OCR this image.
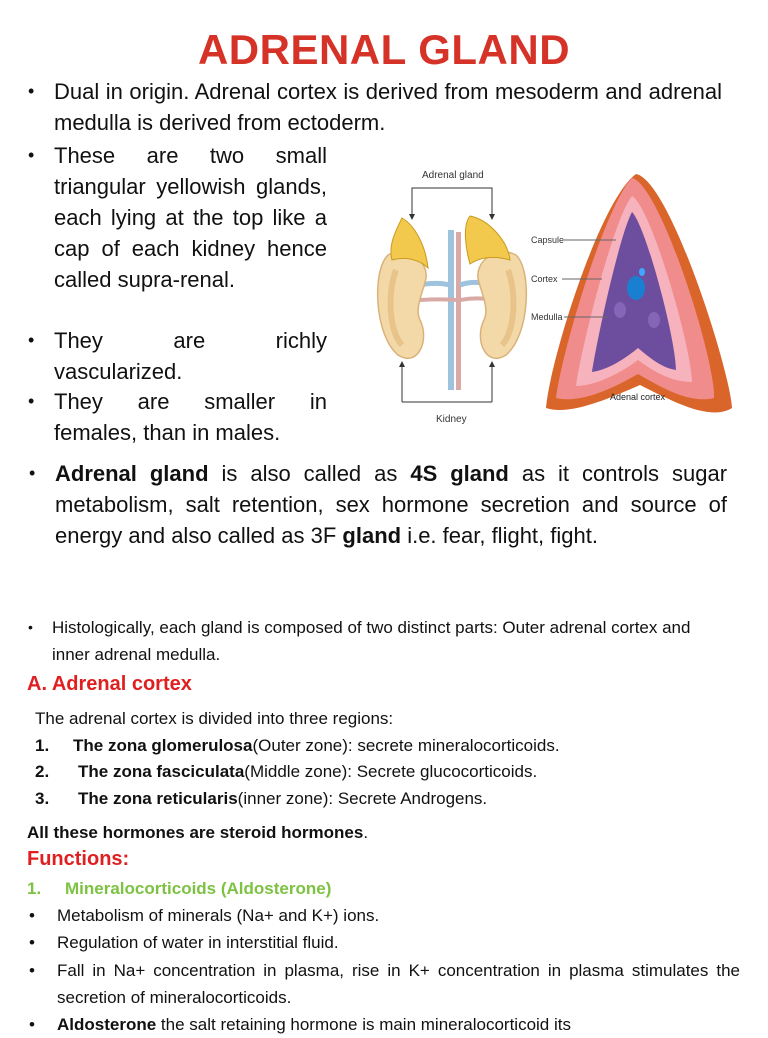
ADRENAL GLAND
• Dual in origin. Adrenal cortex is derived from mesoderm and adrenal medulla is derived from ectoderm.
• These are two small triangular yellowish glands, each lying at the top like a cap of each kidney hence called supra-renal.
• They are richly vascularized.
• They are smaller in females, than in males.
Adrenal gland
Kidney
Capsule
Cortex
Medulla
Adenal cortex
• Adrenal gland is also called as 4S gland as it controls sugar metabolism, salt retention, sex hormone secretion and source of energy and also called as 3F gland i.e. fear, flight, fight.
• Histologically, each gland is composed of two distinct parts: Outer adrenal cortex and inner adrenal medulla.
A. Adrenal cortex
The adrenal cortex is divided into three regions:
1. The zona glomerulosa(Outer zone): secrete mineralocorticoids.
2. The zona fasciculata(Middle zone): Secrete glucocorticoids.
3. The zona reticularis(inner zone): Secrete Androgens.
All these hormones are steroid hormones.
Functions:
1. Mineralocorticoids (Aldosterone)
• Metabolism of minerals (Na+ and K+) ions.
• Regulation of water in interstitial fluid.
• Fall in Na+ concentration in plasma, rise in K+ concentration in plasma stimulates the secretion of mineralocorticoids.
• Aldosterone the salt retaining hormone is main mineralocorticoid its
